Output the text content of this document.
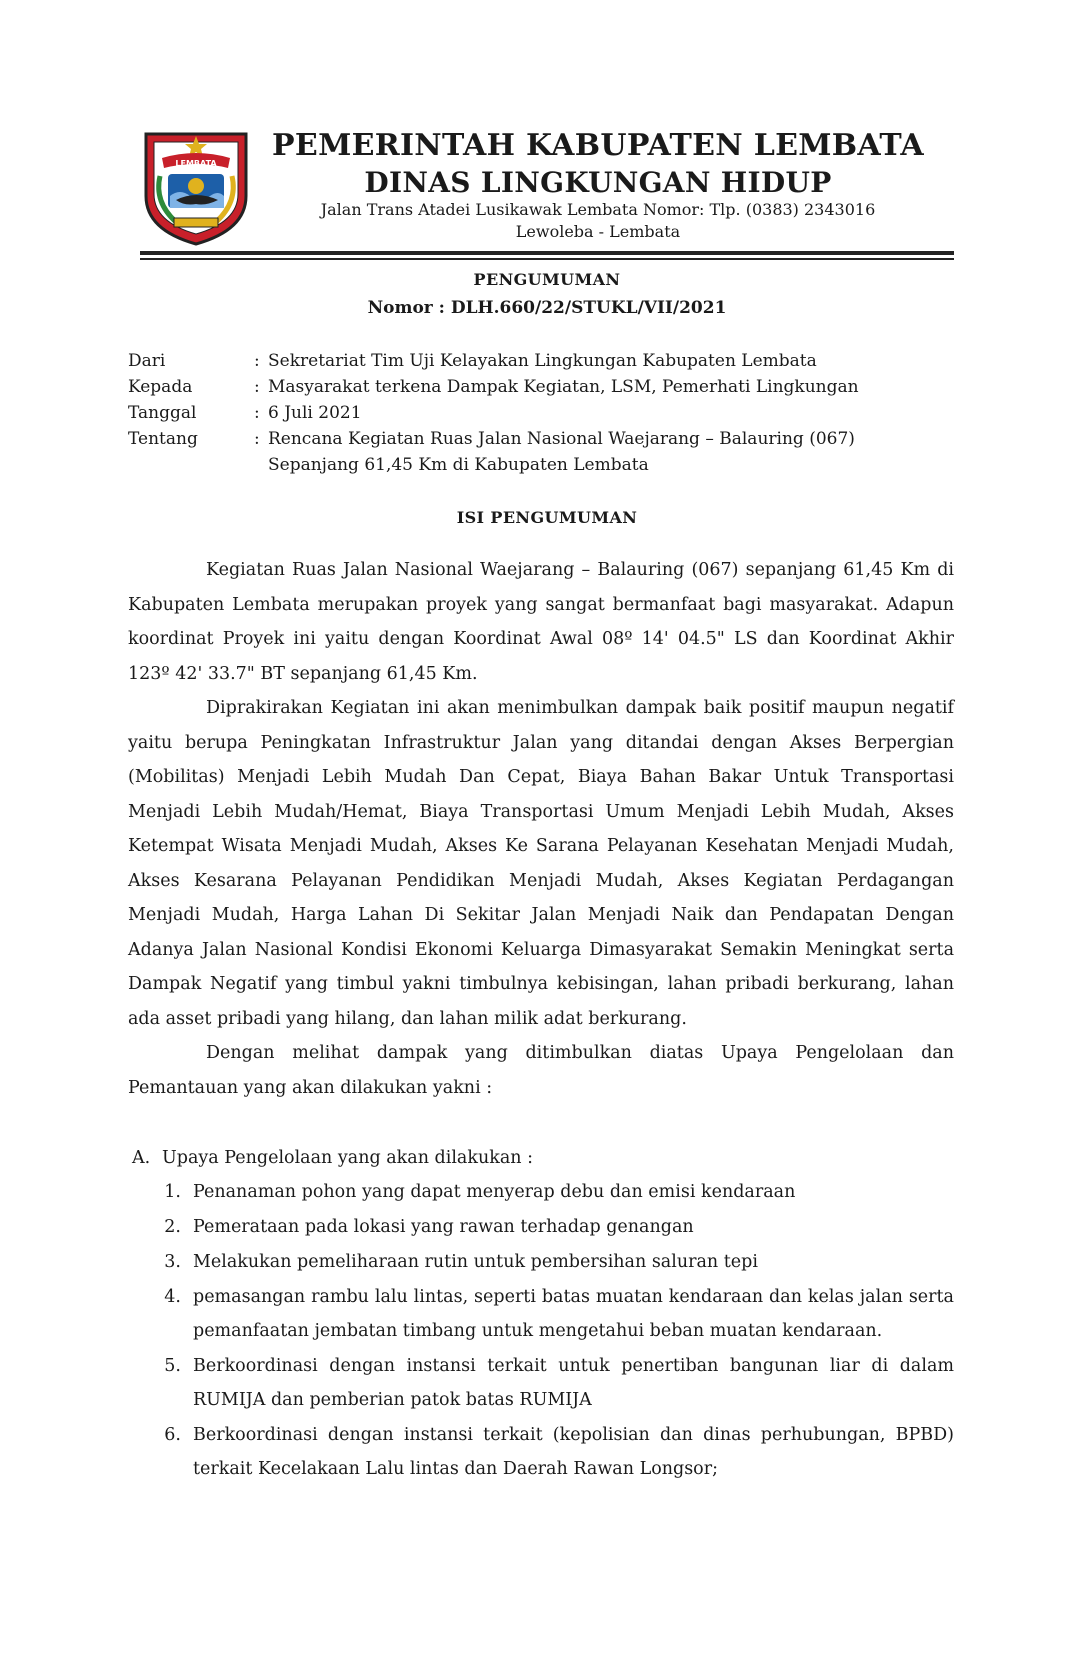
LEMBATA
PEMERINTAH KABUPATEN LEMBATA
DINAS LINGKUNGAN HIDUP
Jalan Trans Atadei Lusikawak Lembata Nomor: Tlp. (0383) 2343016
Lewoleba - Lembata
PENGUMUMAN
Nomor : DLH.660/22/STUKL/VII/2021
Dari	: Sekretariat Tim Uji Kelayakan Lingkungan Kabupaten Lembata
Kepada	: Masyarakat terkena Dampak Kegiatan, LSM, Pemerhati Lingkungan
Tanggal	: 6 Juli 2021
Tentang	: Rencana Kegiatan Ruas Jalan Nasional Waejarang – Balauring (067)
Sepanjang 61,45 Km di Kabupaten Lembata
ISI PENGUMUMAN

Kegiatan Ruas Jalan Nasional Waejarang – Balauring (067) sepanjang 61,45 Km di Kabupaten Lembata merupakan proyek yang sangat bermanfaat bagi masyarakat. Adapun koordinat Proyek ini yaitu dengan Koordinat Awal 08º 14' 04.5" LS dan Koordinat Akhir 123º 42' 33.7" BT sepanjang 61,45 Km.

Diprakirakan Kegiatan ini akan menimbulkan dampak baik positif maupun negatif yaitu berupa Peningkatan Infrastruktur Jalan yang ditandai dengan Akses Berpergian (Mobilitas) Menjadi Lebih Mudah Dan Cepat, Biaya Bahan Bakar Untuk Transportasi Menjadi Lebih Mudah/Hemat, Biaya Transportasi Umum Menjadi Lebih Mudah, Akses Ketempat Wisata Menjadi Mudah, Akses Ke Sarana Pelayanan Kesehatan Menjadi Mudah, Akses Kesarana Pelayanan Pendidikan Menjadi Mudah, Akses Kegiatan Perdagangan Menjadi Mudah, Harga Lahan Di Sekitar Jalan Menjadi Naik dan Pendapatan Dengan Adanya Jalan Nasional Kondisi Ekonomi Keluarga Dimasyarakat Semakin Meningkat serta Dampak Negatif yang timbul yakni timbulnya kebisingan, lahan pribadi berkurang, lahan ada asset pribadi yang hilang, dan lahan milik adat berkurang.

Dengan melihat dampak yang ditimbulkan diatas Upaya Pengelolaan dan Pemantauan yang akan dilakukan yakni :

A. Upaya Pengelolaan yang akan dilakukan :
1. Penanaman pohon yang dapat menyerap debu dan emisi kendaraan
2. Pemerataan pada lokasi yang rawan terhadap genangan
3. Melakukan pemeliharaan rutin untuk pembersihan saluran tepi
4. pemasangan rambu lalu lintas, seperti batas muatan kendaraan dan kelas jalan serta pemanfaatan jembatan timbang untuk mengetahui beban muatan kendaraan.
5. Berkoordinasi dengan instansi terkait untuk penertiban bangunan liar di dalam RUMIJA dan pemberian patok batas RUMIJA
6. Berkoordinasi dengan instansi terkait (kepolisian dan dinas perhubungan, BPBD) terkait Kecelakaan Lalu lintas dan Daerah Rawan Longsor;
